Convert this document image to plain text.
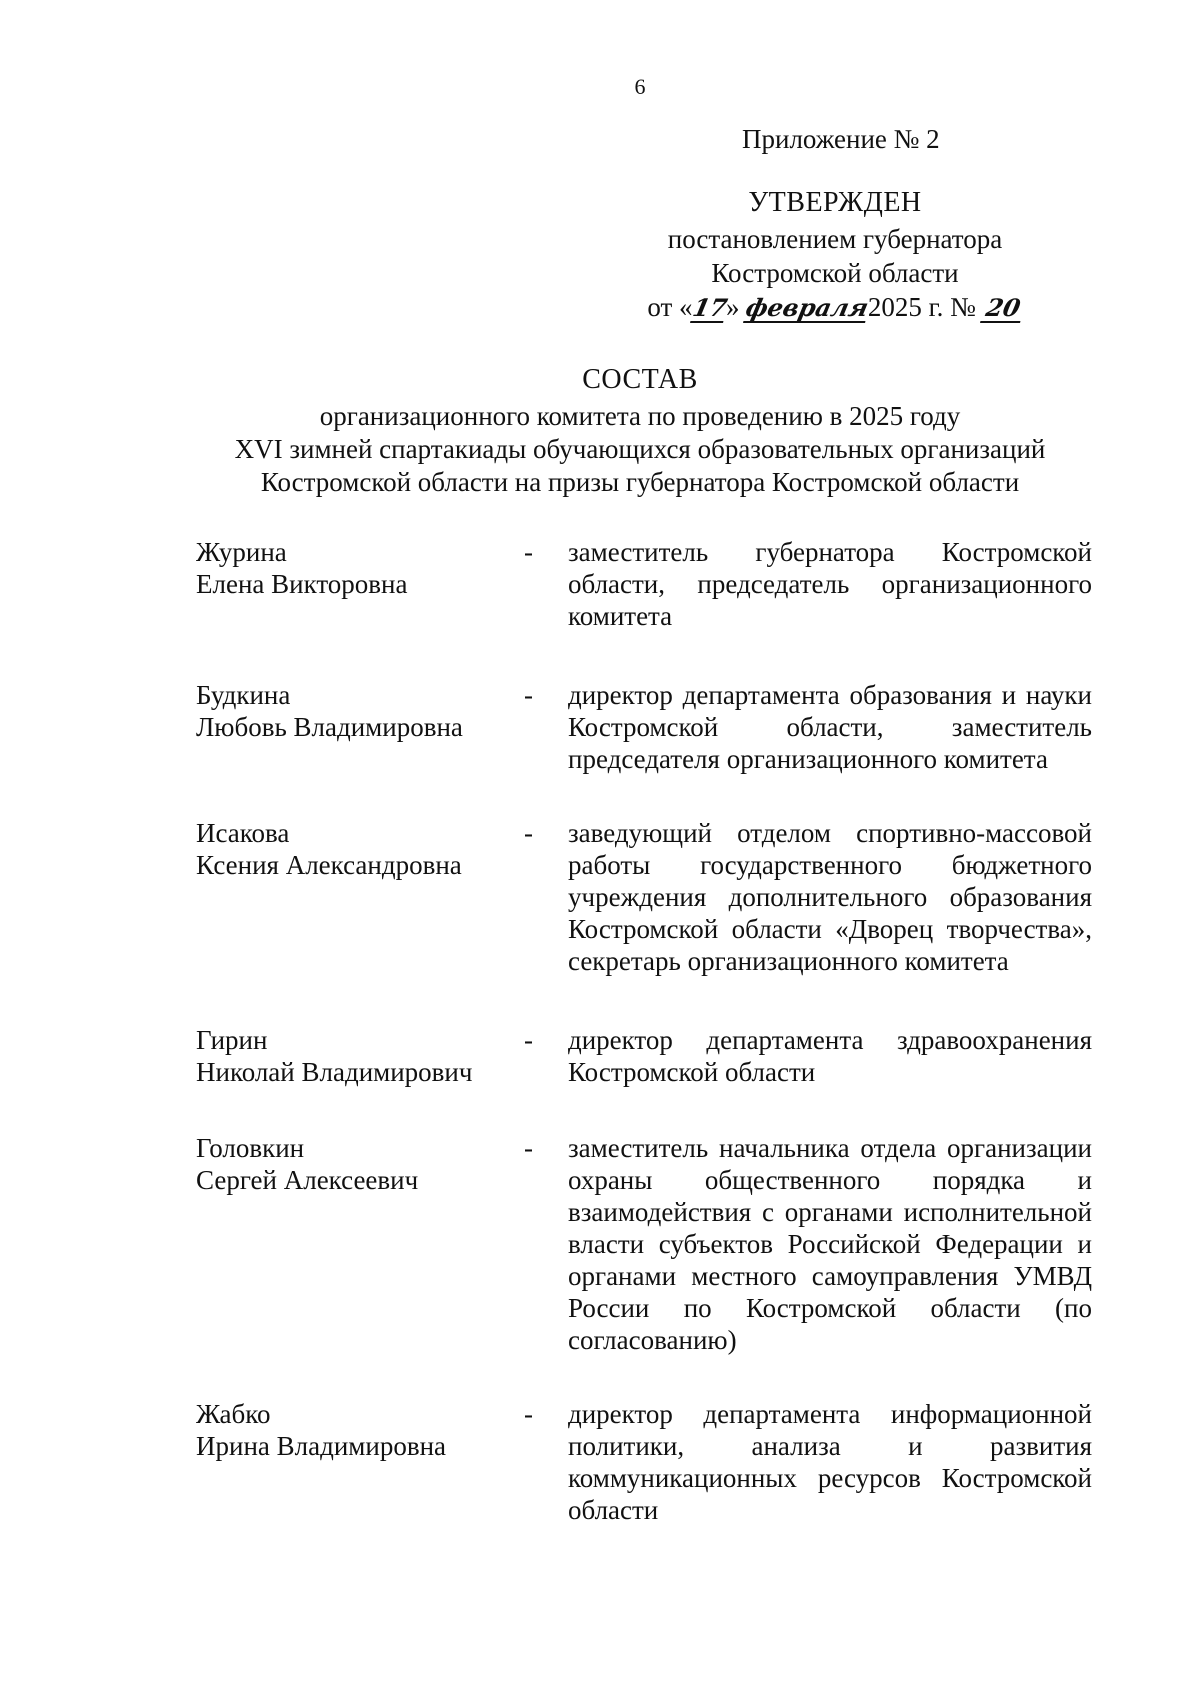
6
Приложение № 2
УТВЕРЖДЕН
постановлением губернатора
Костромской области
от «17» февраля2025 г. № 20
СОСТАВ
организационного комитета по проведению в 2025 году
XVI зимней спартакиады обучающихся образовательных организаций
Костромской области на призы губернатора Костромской области
Журина
Елена Викторовна
- заместитель губернатора Костромской области, председатель организационного комитета
Будкина
Любовь Владимировна
- директор департамента образования и науки Костромской области, заместитель председателя организационного комитета
Исакова
Ксения Александровна
- заведующий отделом спортивно-массовой работы государственного бюджетного учреждения дополнительного образования Костромской области «Дворец творчества», секретарь организационного комитета
Гирин
Николай Владимирович
- директор департамента здравоохранения Костромской области
Головкин
Сергей Алексеевич
- заместитель начальника отдела организации охраны общественного порядка и взаимодействия с органами исполнительной власти субъектов Российской Федерации и органами местного самоуправления УМВД России по Костромской области (по согласованию)
Жабко
Ирина Владимировна
- директор департамента информационной политики, анализа и развития коммуникационных ресурсов Костромской области
